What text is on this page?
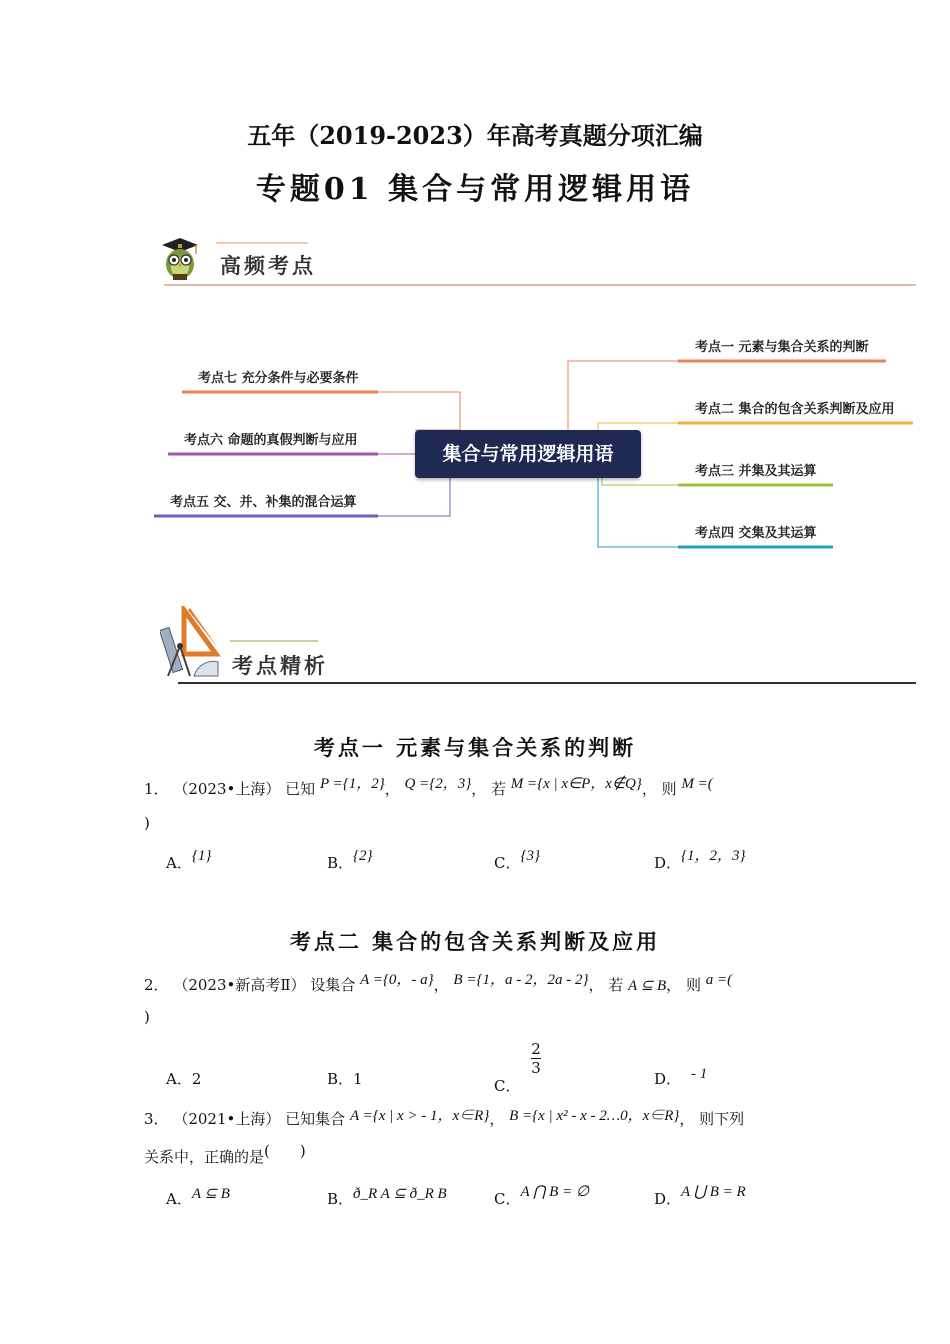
五年（2019-2023）年高考真题分项汇编
专题01 集合与常用逻辑用语
高频考点
考点一 元素与集合关系的判断
考点二 集合的包含关系判断及应用
考点三 并集及其运算
考点四 交集及其运算
考点七 充分条件与必要条件
考点六 命题的真假判断与应用
考点五 交、并、补集的混合运算
集合与常用逻辑用语
考点精析
考点一 元素与集合关系的判断
1． （2023•上海） 已知 P ={1，2}， Q ={2，3}， 若 M ={x | x∈P，x∉Q}， 则 M =(
)
A．{1}	B．{2}	C．{3}	D．{1，2，3}
考点二 集合的包含关系判断及应用
2． （2023•新高考Ⅱ） 设集合 A ={0，- a}， B ={1，a - 2，2a - 2}， 若 A ⊆ B， 则 a =(
)
A．2	B．1	C．
$\frac{2}{3}$
D． - 1
3． （2021•上海） 已知集合 A ={x | x > - 1，x∈R}， B ={x | x² - x - 2…0，x∈R}， 则下列
关系中，正确的是(　　)
A．A ⊆ B	B．ð_R A ⊆ ð_R B	C．A ⋂ B = ∅	D．A ⋃ B = R
